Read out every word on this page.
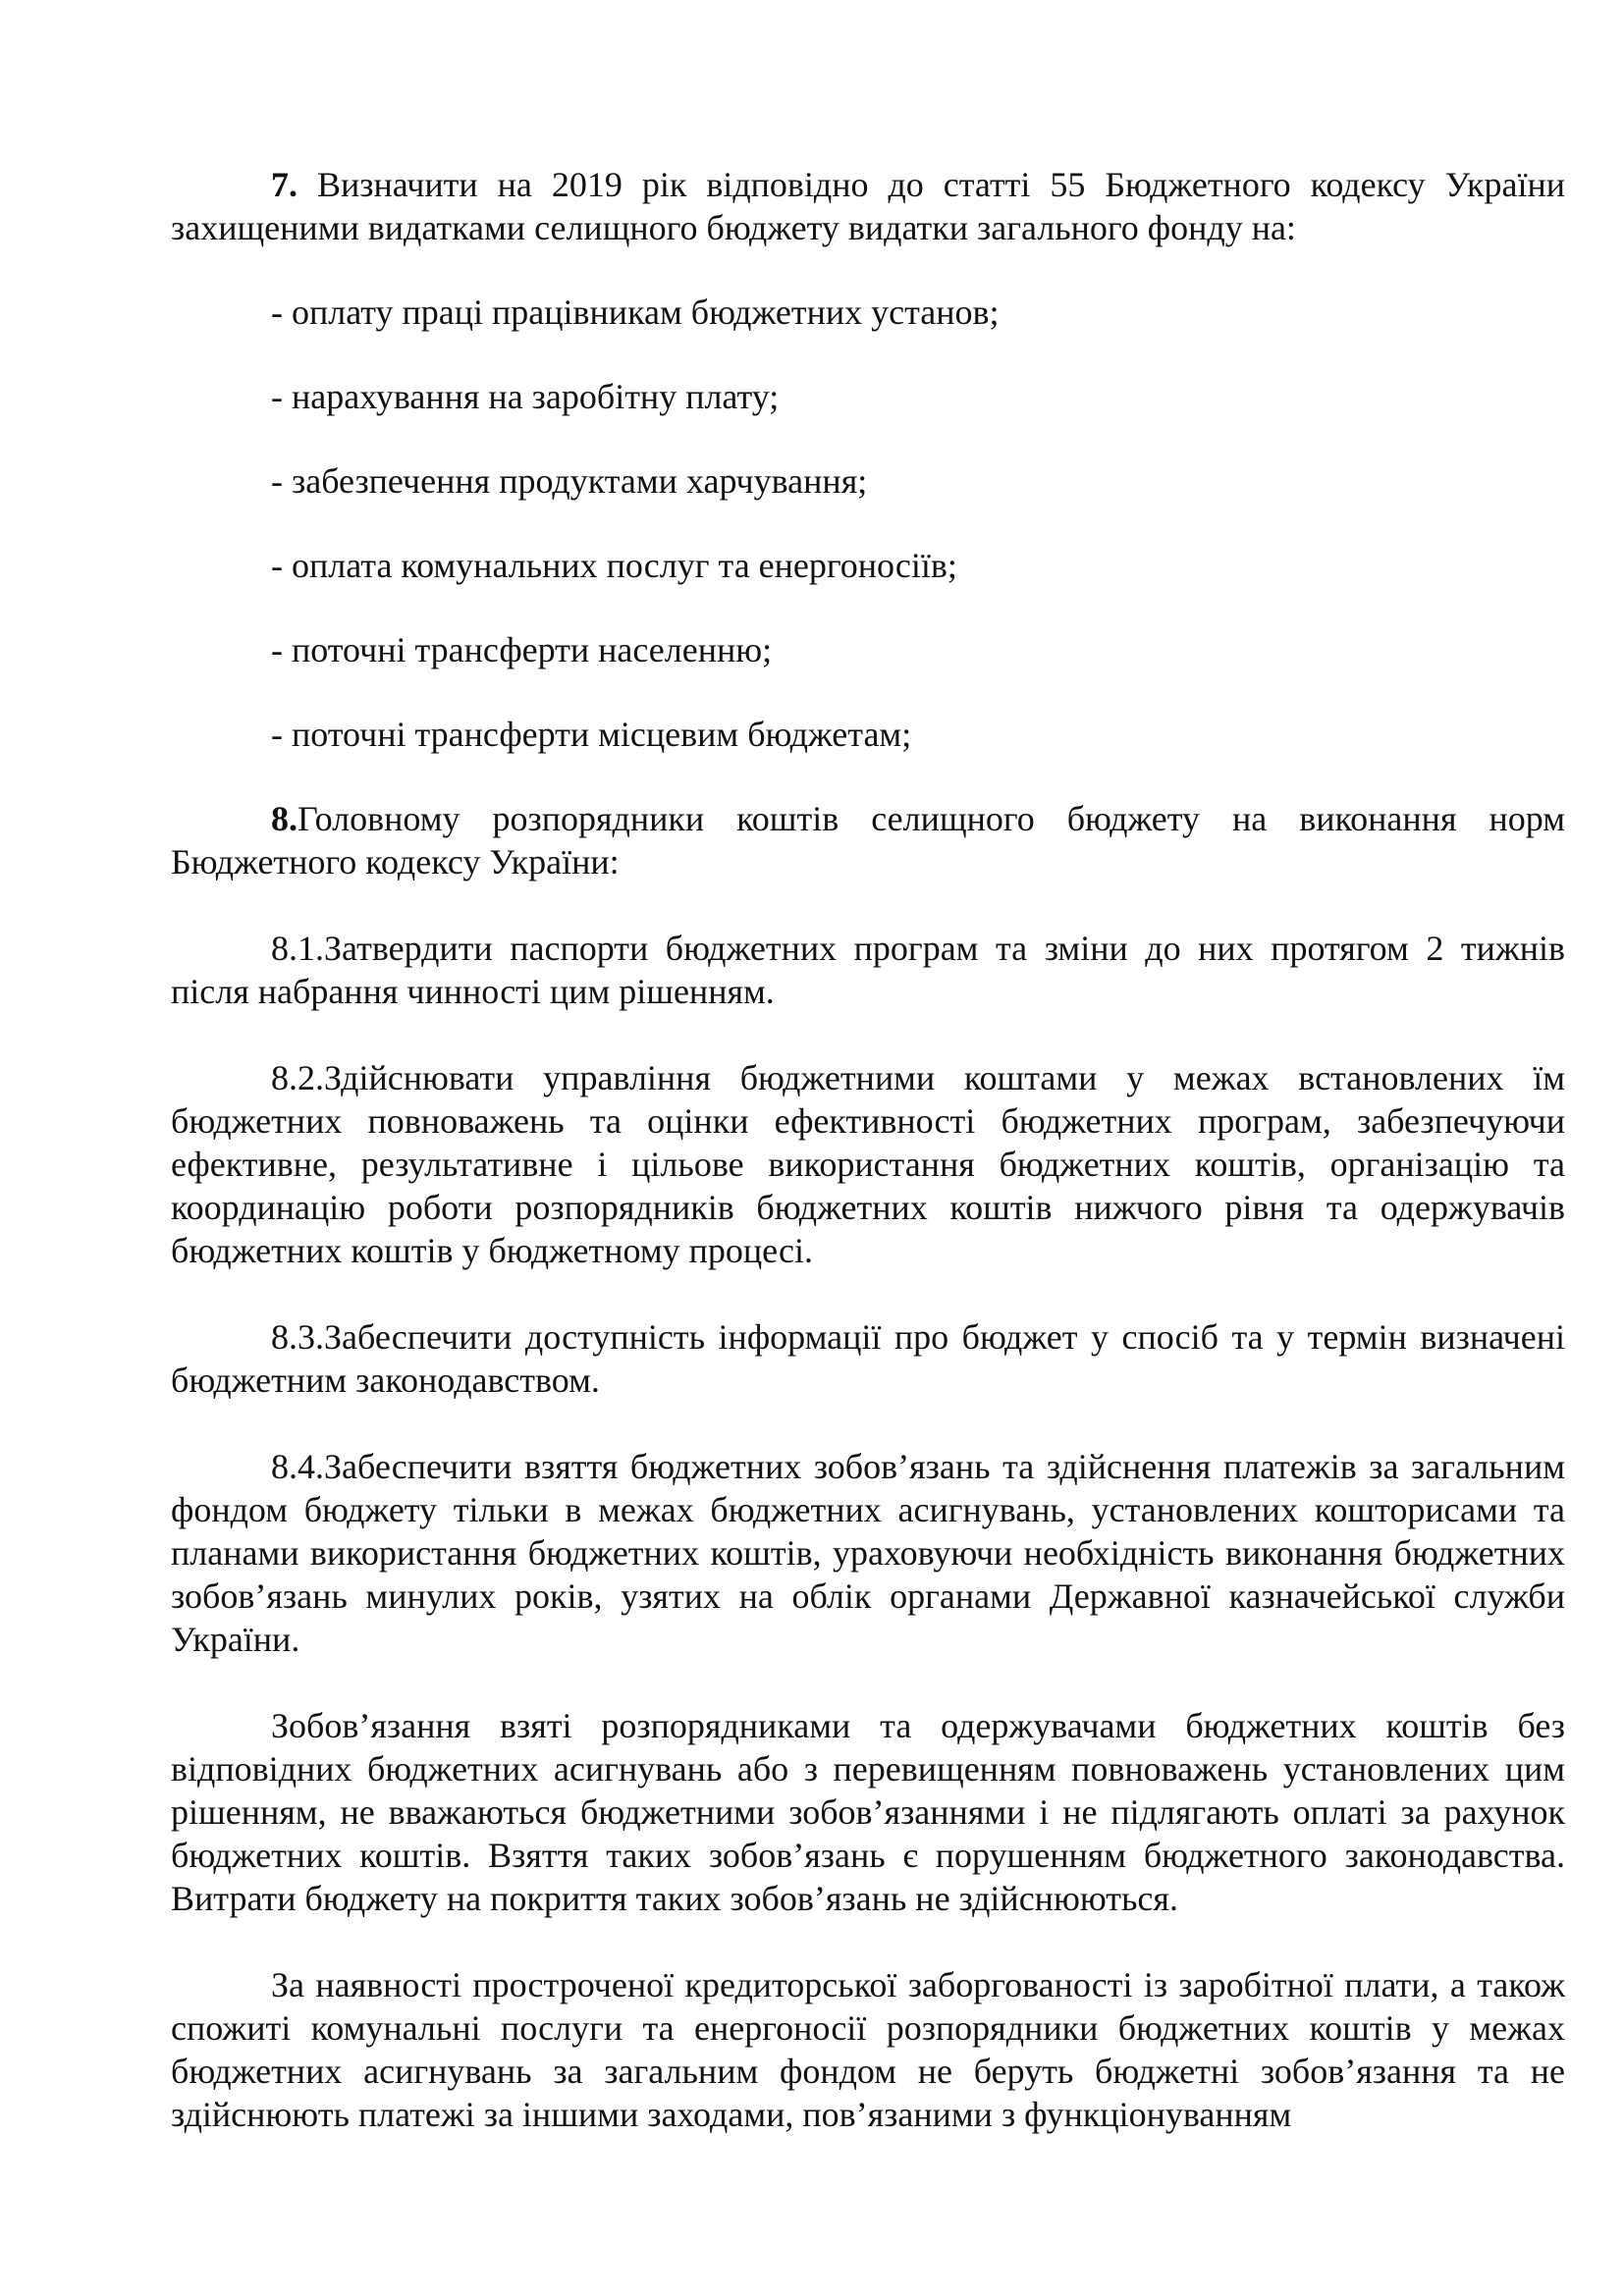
7. Визначити на 2019 рік відповідно до статті 55 Бюджетного кодексу України захищеними видатками селищного бюджету видатки загального фонду на:

- оплату праці працівникам бюджетних установ;

- нарахування на заробітну плату;

- забезпечення продуктами харчування;

- оплата комунальних послуг та енергоносіїв;

- поточні трансферти населенню;

- поточні трансферти місцевим бюджетам;

8.Головному розпорядники коштів селищного бюджету на виконання норм Бюджетного кодексу України:

8.1.Затвердити паспорти бюджетних програм та зміни до них протягом 2 тижнів після набрання чинності цим рішенням.

8.2.Здійснювати управління бюджетними коштами у межах встановлених їм бюджетних повноважень та оцінки ефективності бюджетних програм, забезпечуючи ефективне, результативне і цільове використання бюджетних коштів, організацію та координацію роботи розпорядників бюджетних коштів нижчого рівня та одержувачів бюджетних коштів у бюджетному процесі.

8.3.Забеспечити доступність інформації про бюджет у спосіб та у термін визначені бюджетним законодавством.

8.4.Забеспечити взяття бюджетних зобов’язань та здійснення платежів за загальним фондом бюджету тільки в межах бюджетних асигнувань, установлених кошторисами та планами використання бюджетних коштів, ураховуючи необхідність виконання бюджетних зобов’язань минулих років, узятих на облік органами Державної казначейської служби України.

Зобов’язання взяті розпорядниками та одержувачами бюджетних коштів без відповідних бюджетних асигнувань або з перевищенням повноважень установлених цим рішенням, не вважаються бюджетними зобов’язаннями і не підлягають оплаті за рахунок бюджетних коштів. Взяття таких зобов’язань є порушенням бюджетного законодавства. Витрати бюджету на покриття таких зобов’язань не здійснюються.

За наявності простроченої кредиторської заборгованості із заробітної плати, а також спожиті комунальні послуги та енергоносії розпорядники бюджетних коштів у межах бюджетних асигнувань за загальним фондом не беруть бюджетні зобов’язання та не здійснюють платежі за іншими заходами, пов’язаними з функціонуванням
